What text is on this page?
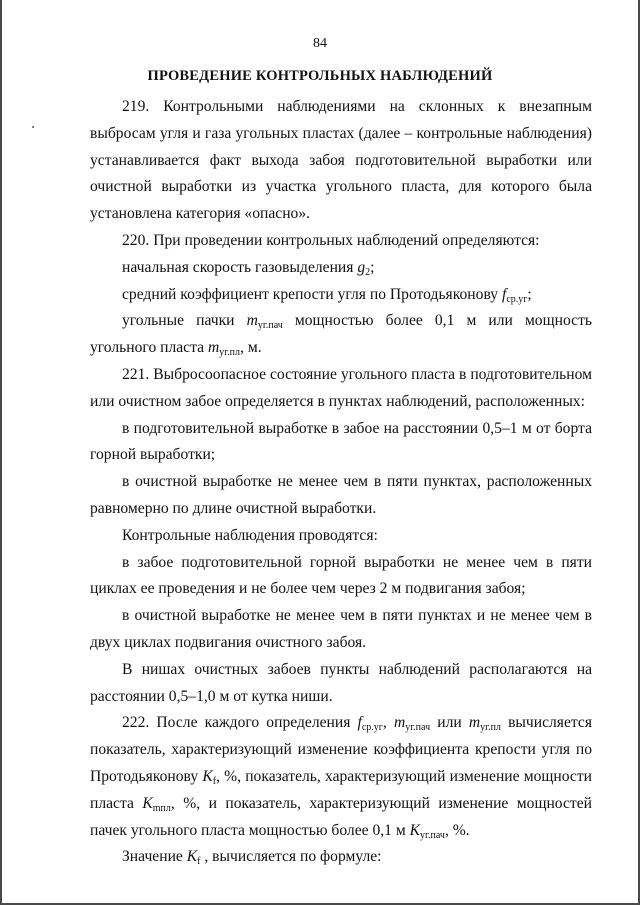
84
ПРОВЕДЕНИЕ КОНТРОЛЬНЫХ НАБЛЮДЕНИЙ

219. Контрольными наблюдениями на склонных к внезапным выбросам угля и газа угольных пластах (далее – контрольные наблюдения) устанавливается факт выхода забоя подготовительной выработки или очистной выработки из участка угольного пласта, для которого была установлена категория «опасно».

220. При проведении контрольных наблюдений определяются:

начальная скорость газовыделения $g_2$;

средний коэффициент крепости угля по Протодьяконову $f_{ср.уг}$;

угольные пачки $m_{уг.пач}$ мощностью более 0,1 м или мощность угольного пласта $m_{уг.пл}$, м.

221. Выбросоопасное состояние угольного пласта в подготовительном или очистном забое определяется в пунктах наблюдений, расположенных:

в подготовительной выработке в забое на расстоянии 0,5–1 м от борта горной выработки;

в очистной выработке не менее чем в пяти пунктах, расположенных равномерно по длине очистной выработки.

Контрольные наблюдения проводятся:

в забое подготовительной горной выработки не менее чем в пяти циклах ее проведения и не более чем через 2 м подвигания забоя;

в очистной выработке не менее чем в пяти пунктах и не менее чем в двух циклах подвигания очистного забоя.

В нишах очистных забоев пункты наблюдений располагаются на расстоянии 0,5–1,0 м от кутка ниши.

222. После каждого определения $f_{ср.уг}$, $m_{уг.пач}$ или $m_{уг.пл}$ вычисляется показатель, характеризующий изменение коэффициента крепости угля по Протодьяконову $K_f$, %, показатель, характеризующий изменение мощности пласта $K_{mпл}$, %, и показатель, характеризующий изменение мощностей пачек угольного пласта мощностью более 0,1 м $K_{уг.пач}$, %.

Значение $K_f$ , вычисляется по формуле:
